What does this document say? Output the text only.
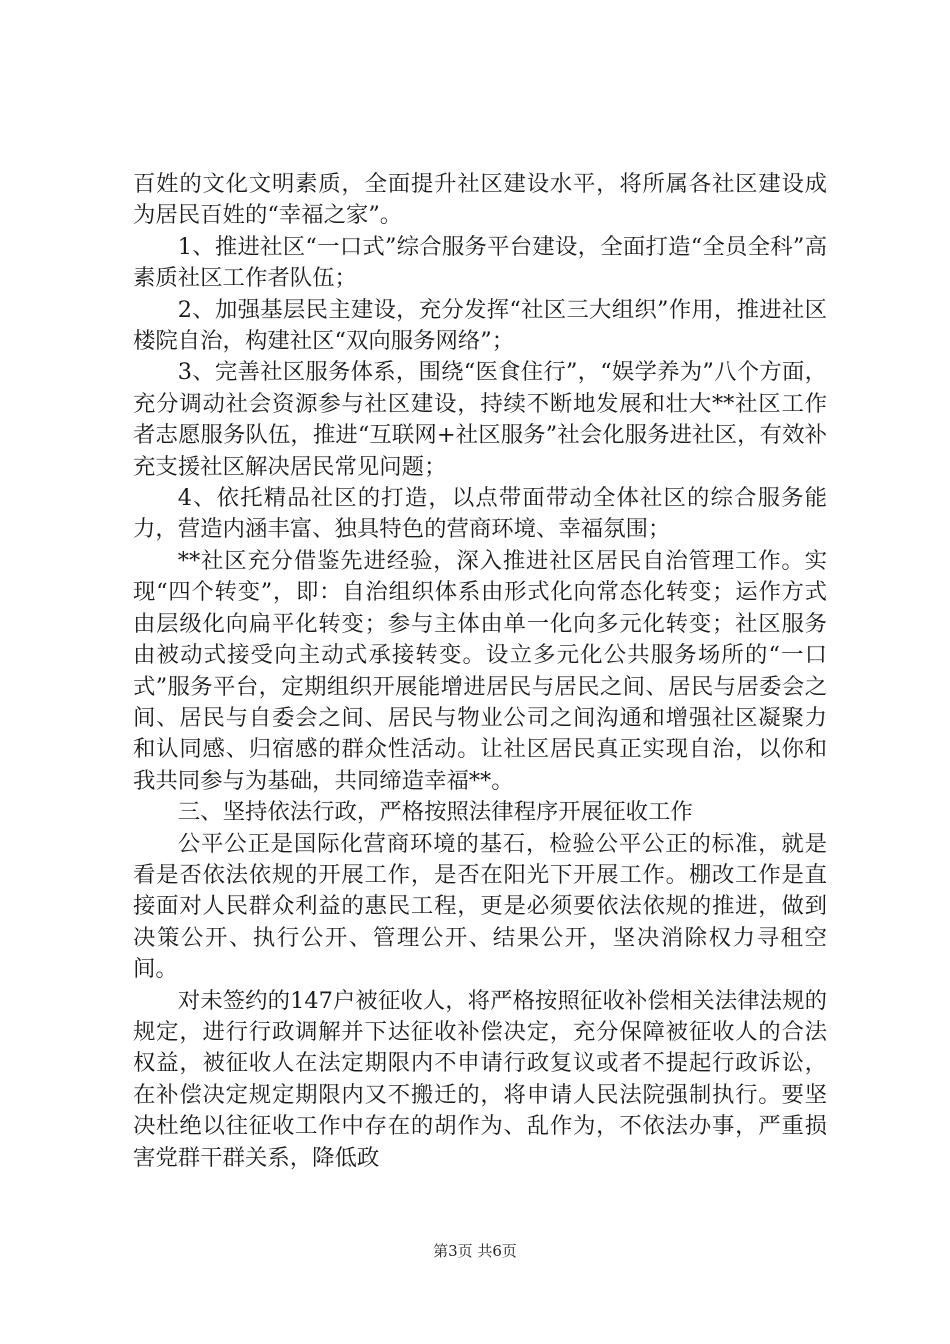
百姓的文化文明素质，全面提升社区建设水平，将所属各社区建设成为居民百姓的“幸福之家”。

1、推进社区“一口式”综合服务平台建设，全面打造“全员全科”高素质社区工作者队伍；

2、加强基层民主建设，充分发挥“社区三大组织”作用，推进社区楼院自治，构建社区“双向服务网络”；

3、完善社区服务体系，围绕“医食住行”，“娱学养为”八个方面，充分调动社会资源参与社区建设，持续不断地发展和壮大**社区工作者志愿服务队伍，推进“互联网+社区服务”社会化服务进社区，有效补充支援社区解决居民常见问题；

4、依托精品社区的打造，以点带面带动全体社区的综合服务能力，营造内涵丰富、独具特色的营商环境、幸福氛围；

**社区充分借鉴先进经验，深入推进社区居民自治管理工作。实现“四个转变”，即：自治组织体系由形式化向常态化转变；运作方式由层级化向扁平化转变；参与主体由单一化向多元化转变；社区服务由被动式接受向主动式承接转变。设立多元化公共服务场所的“一口式”服务平台，定期组织开展能增进居民与居民之间、居民与居委会之间、居民与自委会之间、居民与物业公司之间沟通和增强社区凝聚力和认同感、归宿感的群众性活动。让社区居民真正实现自治，以你和我共同参与为基础，共同缔造幸福**。

三、坚持依法行政，严格按照法律程序开展征收工作

公平公正是国际化营商环境的基石，检验公平公正的标准，就是看是否依法依规的开展工作，是否在阳光下开展工作。棚改工作是直接面对人民群众利益的惠民工程，更是必须要依法依规的推进，做到决策公开、执行公开、管理公开、结果公开，坚决消除权力寻租空间。

对未签约的147户被征收人，将严格按照征收补偿相关法律法规的规定，进行行政调解并下达征收补偿决定，充分保障被征收人的合法权益，被征收人在法定期限内不申请行政复议或者不提起行政诉讼，在补偿决定规定期限内又不搬迁的，将申请人民法院强制执行。要坚决杜绝以往征收工作中存在的胡作为、乱作为，不依法办事，严重损害党群干群关系，降低政

第3页 共6页
